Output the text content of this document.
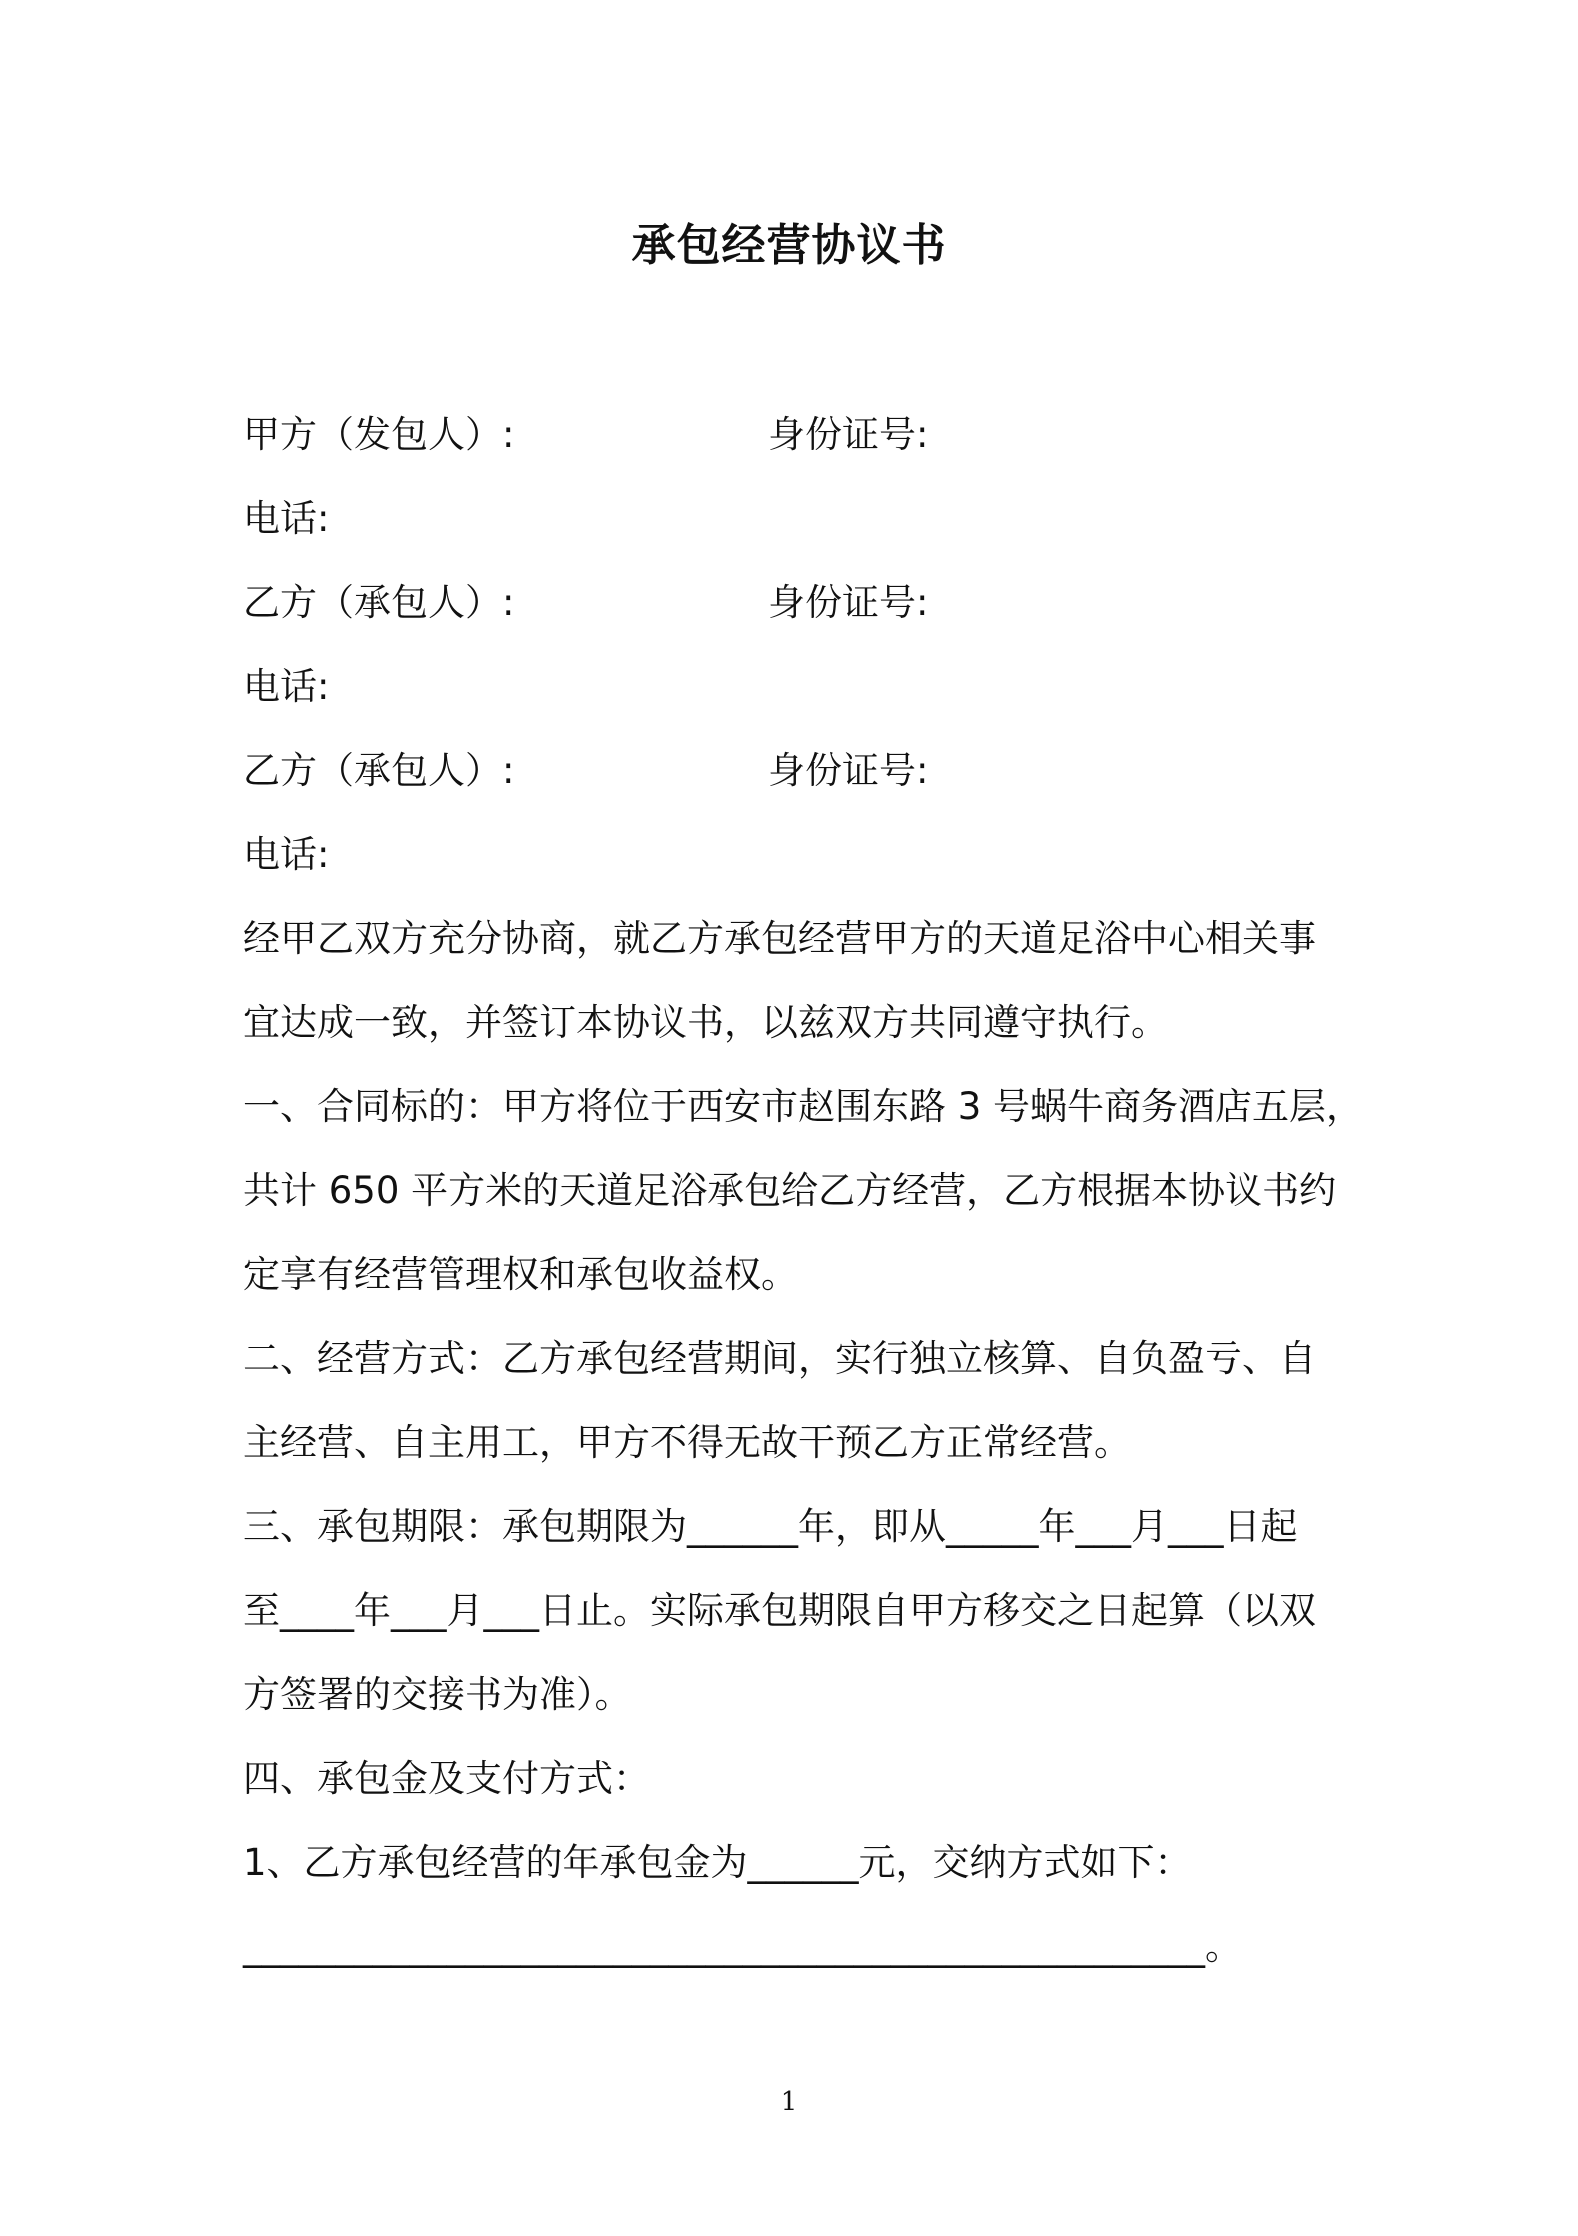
承包经营协议书
甲方（发包人）:	身份证号:
电话:
乙方（承包人）:	身份证号:
电话:
乙方（承包人）:	身份证号:
电话:
经甲乙双方充分协商，就乙方承包经营甲方的天道足浴中心相关事
宜达成一致，并签订本协议书，以兹双方共同遵守执行。
一、合同标的：甲方将位于西安市赵围东路 3 号蜗牛商务酒店五层，
共计 650 平方米的天道足浴承包给乙方经营，乙方根据本协议书约
定享有经营管理权和承包收益权。
二、经营方式：乙方承包经营期间，实行独立核算、自负盈亏、自
主经营、自主用工，甲方不得无故干预乙方正常经营。
三、承包期限：承包期限为______年，即从_____年___月___日起
至____年___月___日止。实际承包期限自甲方移交之日起算（以双
方签署的交接书为准）。
四、承包金及支付方式：
1、乙方承包经营的年承包金为______元，交纳方式如下：
____________________________________________________。
1
